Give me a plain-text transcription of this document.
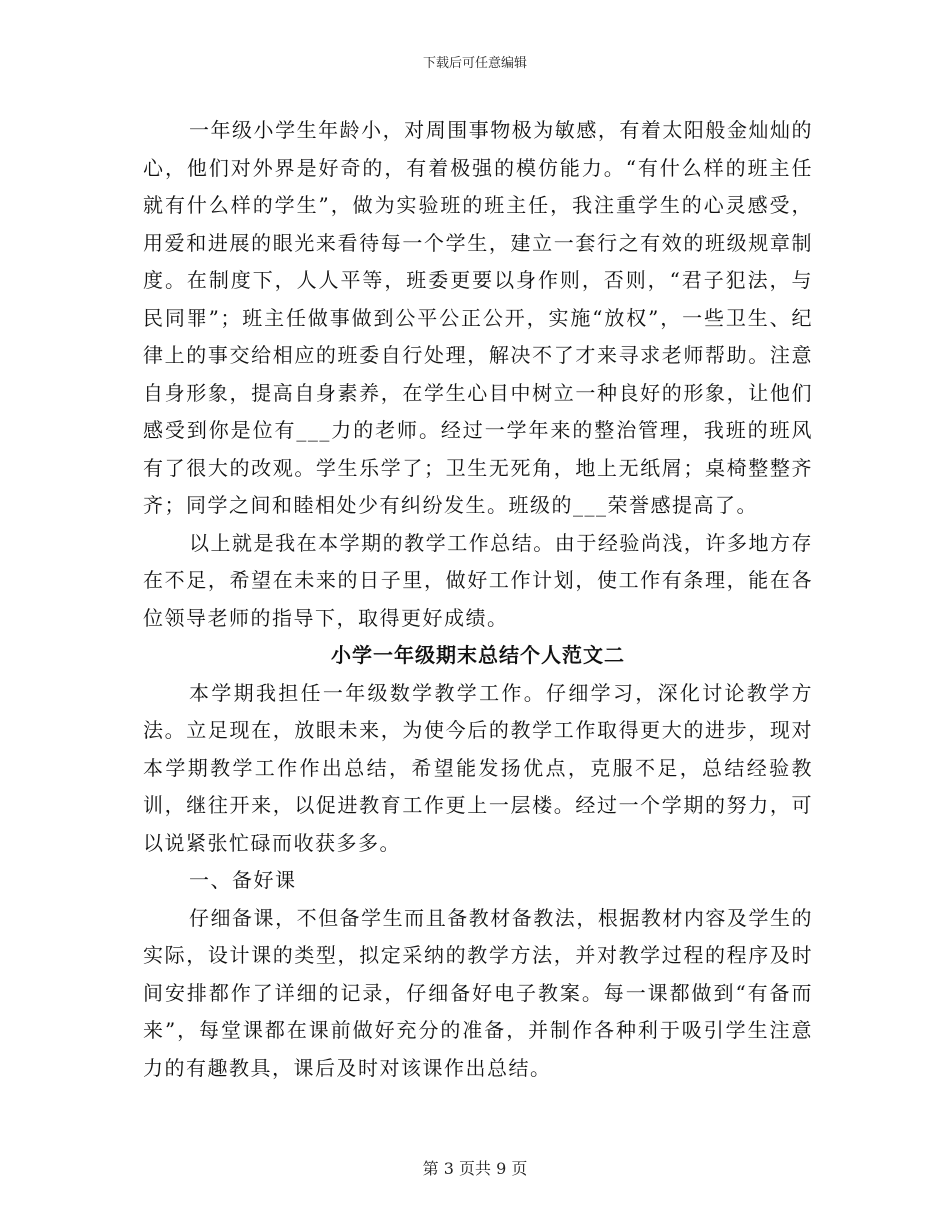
下载后可任意编辑

一年级小学生年龄小，对周围事物极为敏感，有着太阳般金灿灿的心，他们对外界是好奇的，有着极强的模仿能力。“有什么样的班主任就有什么样的学生”，做为实验班的班主任，我注重学生的心灵感受，用爱和进展的眼光来看待每一个学生，建立一套行之有效的班级规章制度。在制度下，人人平等，班委更要以身作则，否则，“君子犯法，与民同罪”；班主任做事做到公平公正公开，实施“放权”，一些卫生、纪律上的事交给相应的班委自行处理，解决不了才来寻求老师帮助。注意自身形象，提高自身素养，在学生心目中树立一种良好的形象，让他们感受到你是位有___力的老师。经过一学年来的整治管理，我班的班风有了很大的改观。学生乐学了；卫生无死角，地上无纸屑；桌椅整整齐齐；同学之间和睦相处少有纠纷发生。班级的___荣誉感提高了。

以上就是我在本学期的教学工作总结。由于经验尚浅，许多地方存在不足，希望在未来的日子里，做好工作计划，使工作有条理，能在各位领导老师的指导下，取得更好成绩。

小学一年级期末总结个人范文二

本学期我担任一年级数学教学工作。仔细学习，深化讨论教学方法。立足现在，放眼未来，为使今后的教学工作取得更大的进步，现对本学期教学工作作出总结，希望能发扬优点，克服不足，总结经验教训，继往开来，以促进教育工作更上一层楼。经过一个学期的努力，可以说紧张忙碌而收获多多。

一、备好课

仔细备课，不但备学生而且备教材备教法，根据教材内容及学生的实际，设计课的类型，拟定采纳的教学方法，并对教学过程的程序及时间安排都作了详细的记录，仔细备好电子教案。每一课都做到“有备而来”，每堂课都在课前做好充分的准备，并制作各种利于吸引学生注意力的有趣教具，课后及时对该课作出总结。

第 3 页共 9 页
